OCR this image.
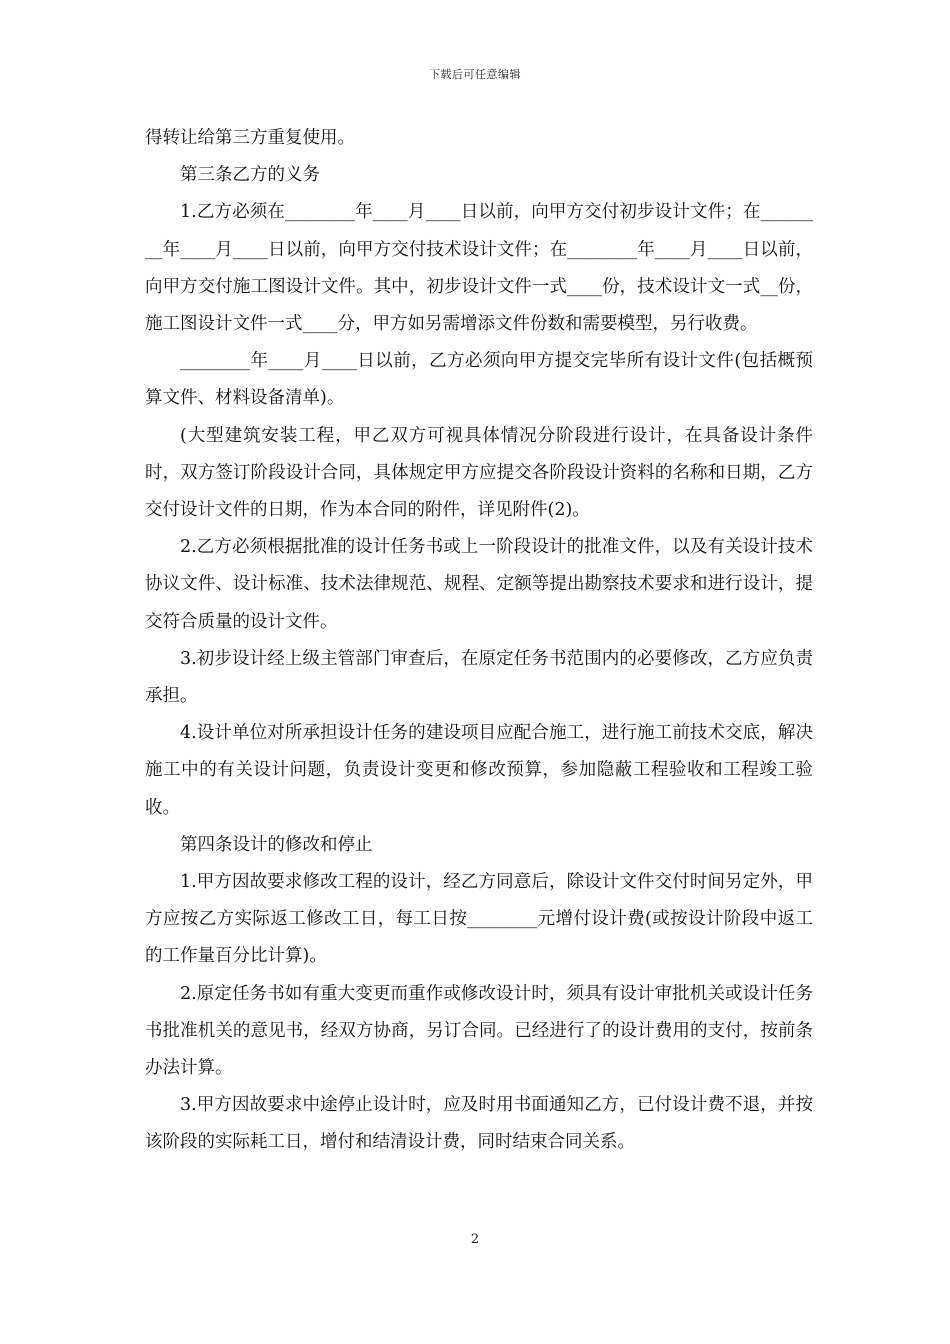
下载后可任意编辑

得转让给第三方重复使用。

第三条乙方的义务

1.乙方必须在________年____月____日以前，向甲方交付初步设计文件；在________年____月____日以前，向甲方交付技术设计文件；在________年____月____日以前，向甲方交付施工图设计文件。其中，初步设计文件一式____份，技术设计文一式__份，施工图设计文件一式____分，甲方如另需增添文件份数和需要模型，另行收费。

________年____月____日以前，乙方必须向甲方提交完毕所有设计文件(包括概预算文件、材料设备清单)。

(大型建筑安装工程，甲乙双方可视具体情况分阶段进行设计，在具备设计条件时，双方签订阶段设计合同，具体规定甲方应提交各阶段设计资料的名称和日期，乙方交付设计文件的日期，作为本合同的附件，详见附件(2)。

2.乙方必须根据批准的设计任务书或上一阶段设计的批准文件，以及有关设计技术协议文件、设计标准、技术法律规范、规程、定额等提出勘察技术要求和进行设计，提交符合质量的设计文件。

3.初步设计经上级主管部门审查后，在原定任务书范围内的必要修改，乙方应负责承担。

4.设计单位对所承担设计任务的建设项目应配合施工，进行施工前技术交底，解决施工中的有关设计问题，负责设计变更和修改预算，参加隐蔽工程验收和工程竣工验收。

第四条设计的修改和停止

1.甲方因故要求修改工程的设计，经乙方同意后，除设计文件交付时间另定外，甲方应按乙方实际返工修改工日，每工日按________元增付设计费(或按设计阶段中返工的工作量百分比计算)。

2.原定任务书如有重大变更而重作或修改设计时，须具有设计审批机关或设计任务书批准机关的意见书，经双方协商，另订合同。已经进行了的设计费用的支付，按前条办法计算。

3.甲方因故要求中途停止设计时，应及时用书面通知乙方，已付设计费不退，并按该阶段的实际耗工日，增付和结清设计费，同时结束合同关系。

2
